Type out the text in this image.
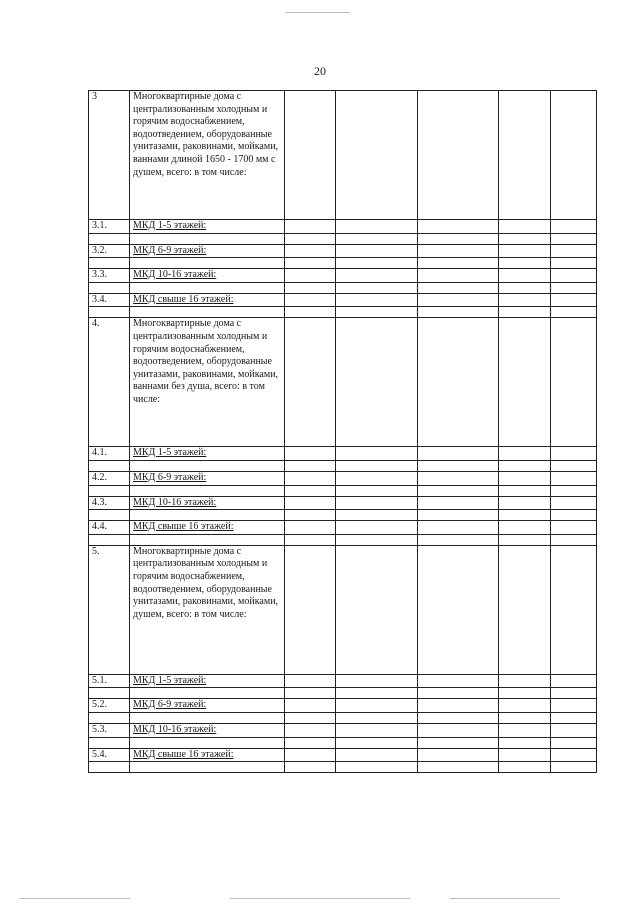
20
3	Многоквартирные дома с централизованным холодным и горячим водоснабжением, водоотведением, оборудованные унитазами, раковинами, мойками, ваннами длиной 1650 - 1700 мм с душем, всего: в том числе:					
3.1.	МКД 1-5 этажей:					

3.2.	МКД 6-9 этажей:					

3.3.	МКД 10-16 этажей:					

3.4.	МКД свыше 16 этажей:					

4.	Многоквартирные дома с централизованным холодным и горячим водоснабжением, водоотведением, оборудованные унитазами, раковинами, мойками, ваннами без душа, всего: в том числе:					
4.1.	МКД 1-5 этажей:					

4.2.	МКД 6-9 этажей:					

4.3.	МКД 10-16 этажей:					

4.4.	МКД свыше 16 этажей:					

5.	Многоквартирные дома с централизованным холодным и горячим водоснабжением, водоотведением, оборудованные унитазами, раковинами, мойками, душем, всего: в том числе:					
5.1.	МКД 1-5 этажей:					

5.2.	МКД 6-9 этажей:					

5.3.	МКД 10-16 этажей:					

5.4.	МКД свыше 16 этажей:					
